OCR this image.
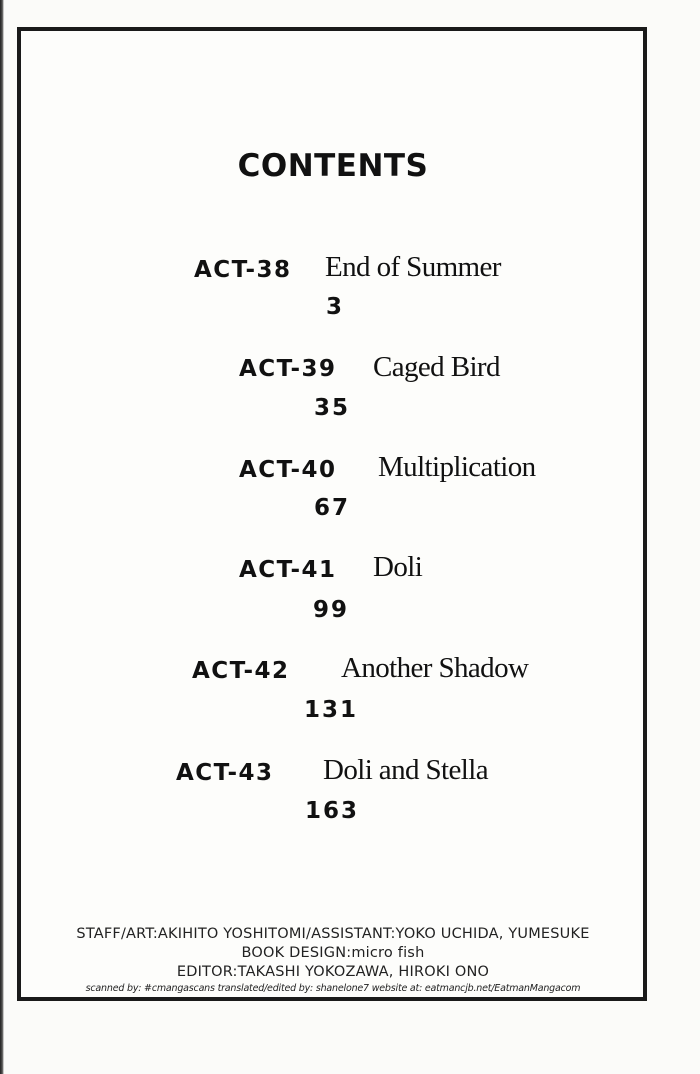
CONTENTS
ACT-38 End of Summer
3
ACT-39 Caged Bird
35
ACT-40 Multiplication
67
ACT-41 Doli
99
ACT-42 Another Shadow
131
ACT-43 Doli and Stella
163
STAFF/ART:AKIHITO YOSHITOMI/ASSISTANT:YOKO UCHIDA, YUMESUKE
BOOK DESIGN:micro fish
EDITOR:TAKASHI YOKOZAWA, HIROKI ONO
scanned by: #cmangascans translated/edited by: shanelone7 website at: eatmancjb.net/EatmanMangacom
